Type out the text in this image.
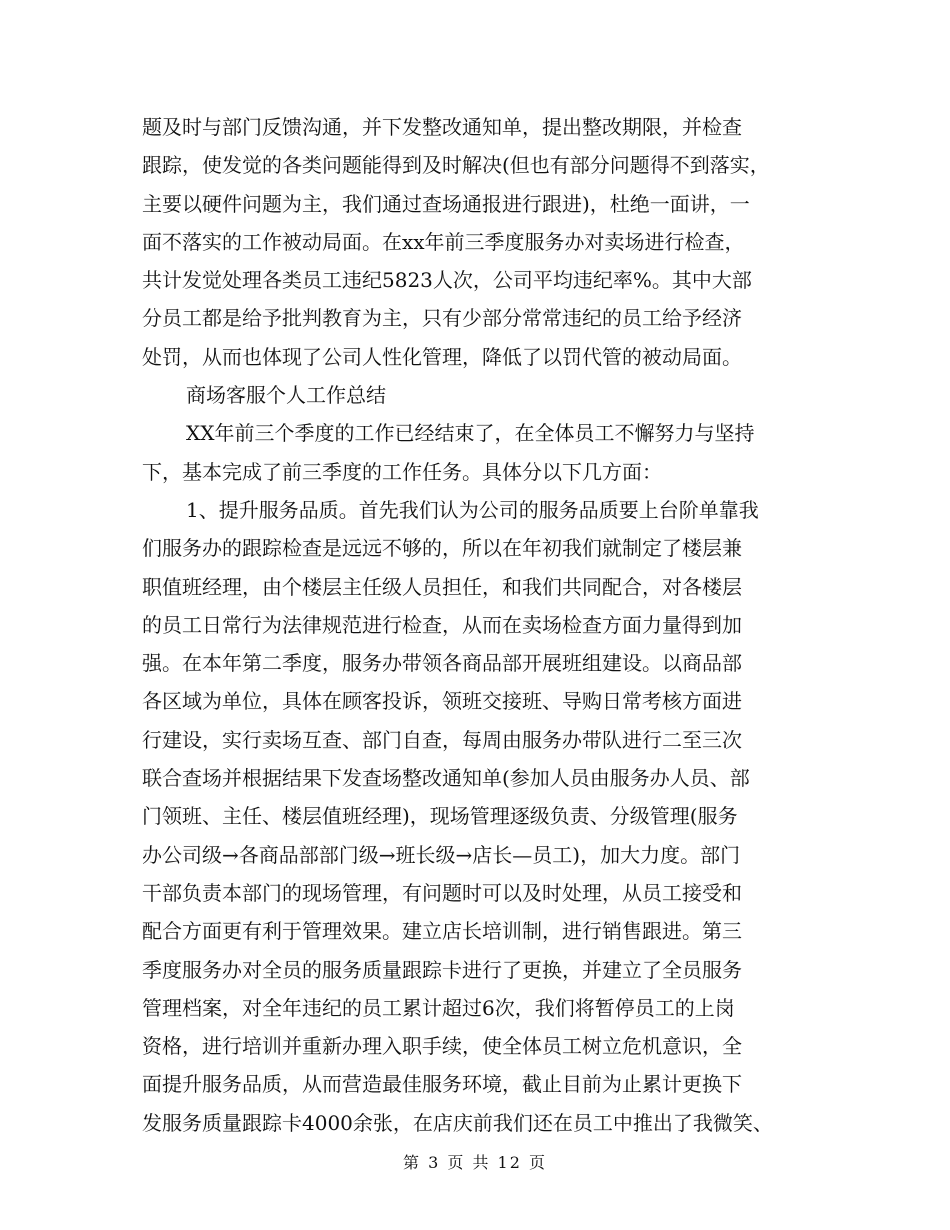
题及时与部门反馈沟通，并下发整改通知单，提出整改期限，并检查
跟踪，使发觉的各类问题能得到及时解决(但也有部分问题得不到落实，
主要以硬件问题为主，我们通过查场通报进行跟进)，杜绝一面讲，一
面不落实的工作被动局面。在xx年前三季度服务办对卖场进行检查，
共计发觉处理各类员工违纪5823人次，公司平均违纪率%。其中大部
分员工都是给予批判教育为主，只有少部分常常违纪的员工给予经济
处罚，从而也体现了公司人性化管理，降低了以罚代管的被动局面。
商场客服个人工作总结
XX年前三个季度的工作已经结束了，在全体员工不懈努力与坚持
下，基本完成了前三季度的工作任务。具体分以下几方面：
1、提升服务品质。首先我们认为公司的服务品质要上台阶单靠我
们服务办的跟踪检查是远远不够的，所以在年初我们就制定了楼层兼
职值班经理，由个楼层主任级人员担任，和我们共同配合，对各楼层
的员工日常行为法律规范进行检查，从而在卖场检查方面力量得到加
强。在本年第二季度，服务办带领各商品部开展班组建设。以商品部
各区域为单位，具体在顾客投诉，领班交接班、导购日常考核方面进
行建设，实行卖场互查、部门自查，每周由服务办带队进行二至三次
联合查场并根据结果下发查场整改通知单(参加人员由服务办人员、部
门领班、主任、楼层值班经理)，现场管理逐级负责、分级管理(服务
办公司级→各商品部部门级→班长级→店长—员工)，加大力度。部门
干部负责本部门的现场管理，有问题时可以及时处理，从员工接受和
配合方面更有利于管理效果。建立店长培训制，进行销售跟进。第三
季度服务办对全员的服务质量跟踪卡进行了更换，并建立了全员服务
管理档案，对全年违纪的员工累计超过6次，我们将暂停员工的上岗
资格，进行培训并重新办理入职手续，使全体员工树立危机意识，全
面提升服务品质，从而营造最佳服务环境，截止目前为止累计更换下
发服务质量跟踪卡4000余张，在店庆前我们还在员工中推出了我微笑、
第 3 页 共 12 页
